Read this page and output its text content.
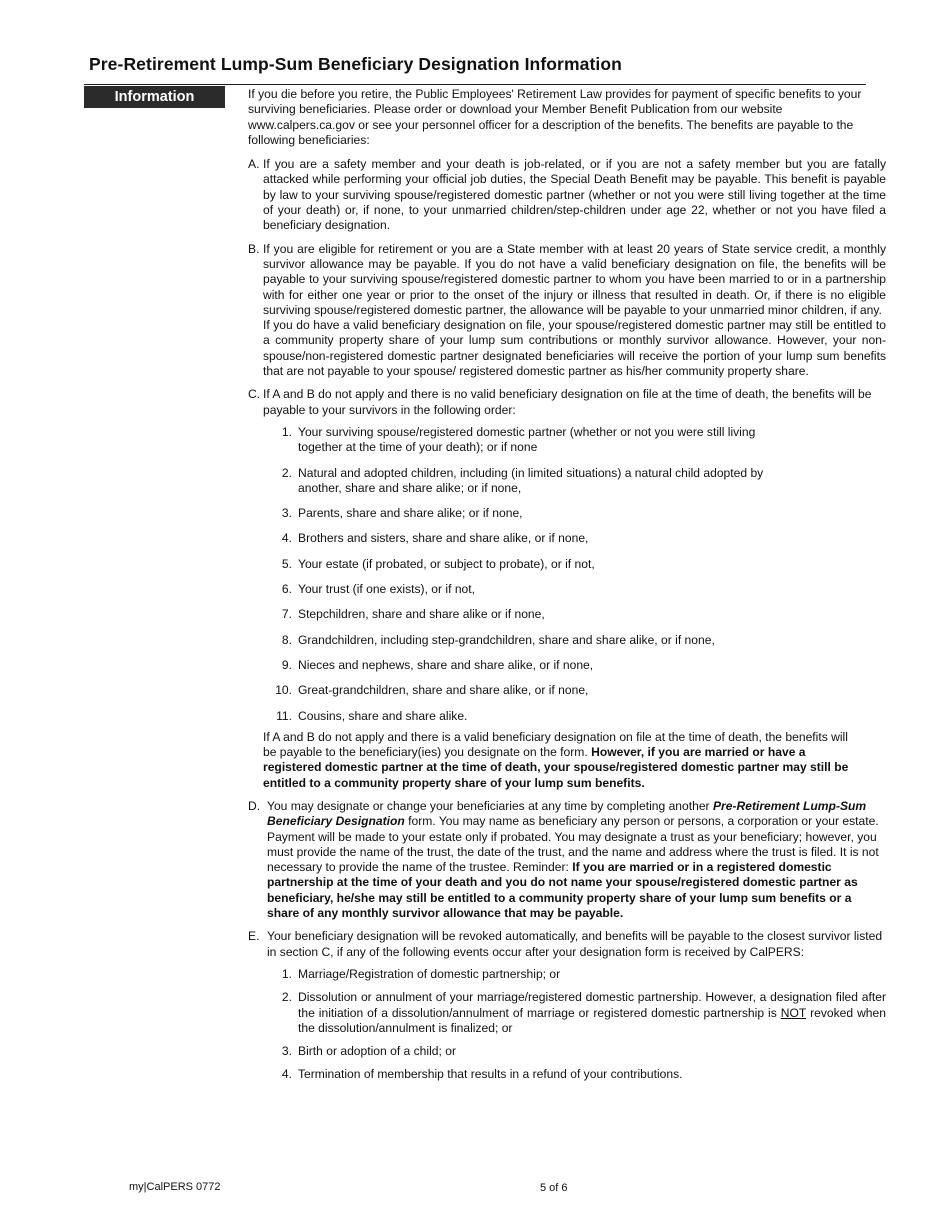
Pre-Retirement Lump-Sum Beneficiary Designation Information
Information	If you die before you retire, the Public Employees' Retirement Law provides for payment of specific benefits to your surviving beneficiaries. Please order or download your Member Benefit Publication from our website www.calpers.ca.gov or see your personnel officer for a description of the benefits. The benefits are payable to the following beneficiaries:

A. If you are a safety member and your death is job-related, or if you are not a safety member but you are fatally attacked while performing your official job duties, the Special Death Benefit may be payable. This benefit is payable by law to your surviving spouse/registered domestic partner (whether or not you were still living together at the time of your death) or, if none, to your unmarried children/step-children under age 22, whether or not you have filed a beneficiary designation.

B. If you are eligible for retirement or you are a State member with at least 20 years of State service credit, a monthly survivor allowance may be payable. If you do not have a valid beneficiary designation on file, the benefits will be payable to your surviving spouse/registered domestic partner to whom you have been married to or in a partnership with for either one year or prior to the onset of the injury or illness that resulted in death. Or, if there is no eligible surviving spouse/registered domestic partner, the allowance will be payable to your unmarried minor children, if any.

If you do have a valid beneficiary designation on file, your spouse/registered domestic partner may still be entitled to a community property share of your lump sum contributions or monthly survivor allowance. However, your non-spouse/non-registered domestic partner designated beneficiaries will receive the portion of your lump sum benefits that are not payable to your spouse/ registered domestic partner as his/her community property share.

C. If A and B do not apply and there is no valid beneficiary designation on file at the time of death, the benefits will be payable to your survivors in the following order:

1. Your surviving spouse/registered domestic partner (whether or not you were still living together at the time of your death); or if none
2. Natural and adopted children, including (in limited situations) a natural child adopted by another, share and share alike; or if none,
3. Parents, share and share alike; or if none,
4. Brothers and sisters, share and share alike, or if none,
5. Your estate (if probated, or subject to probate), or if not,
6. Your trust (if one exists), or if not,
7. Stepchildren, share and share alike or if none,
8. Grandchildren, including step-grandchildren, share and share alike, or if none,
9. Nieces and nephews, share and share alike, or if none,
10. Great-grandchildren, share and share alike, or if none,
11. Cousins, share and share alike.

If A and B do not apply and there is a valid beneficiary designation on file at the time of death, the benefits will be payable to the beneficiary(ies) you designate on the form. However, if you are married or have a registered domestic partner at the time of death, your spouse/registered domestic partner may still be entitled to a community property share of your lump sum benefits.

D. You may designate or change your beneficiaries at any time by completing another Pre-Retirement Lump-Sum Beneficiary Designation form. You may name as beneficiary any person or persons, a corporation or your estate. Payment will be made to your estate only if probated. You may designate a trust as your beneficiary; however, you must provide the name of the trust, the date of the trust, and the name and address where the trust is filed. It is not necessary to provide the name of the trustee. Reminder: If you are married or in a registered domestic partnership at the time of your death and you do not name your spouse/registered domestic partner as beneficiary, he/she may still be entitled to a community property share of your lump sum benefits or a share of any monthly survivor allowance that may be payable.

E. Your beneficiary designation will be revoked automatically, and benefits will be payable to the closest survivor listed in section C, if any of the following events occur after your designation form is received by CalPERS:

1. Marriage/Registration of domestic partnership; or
2. Dissolution or annulment of your marriage/registered domestic partnership. However, a designation filed after the initiation of a dissolution/annulment of marriage or registered domestic partnership is NOT revoked when the dissolution/annulment is finalized; or
3. Birth or adoption of a child; or
4. Termination of membership that results in a refund of your contributions.
my|CalPERS 0772	5 of 6
